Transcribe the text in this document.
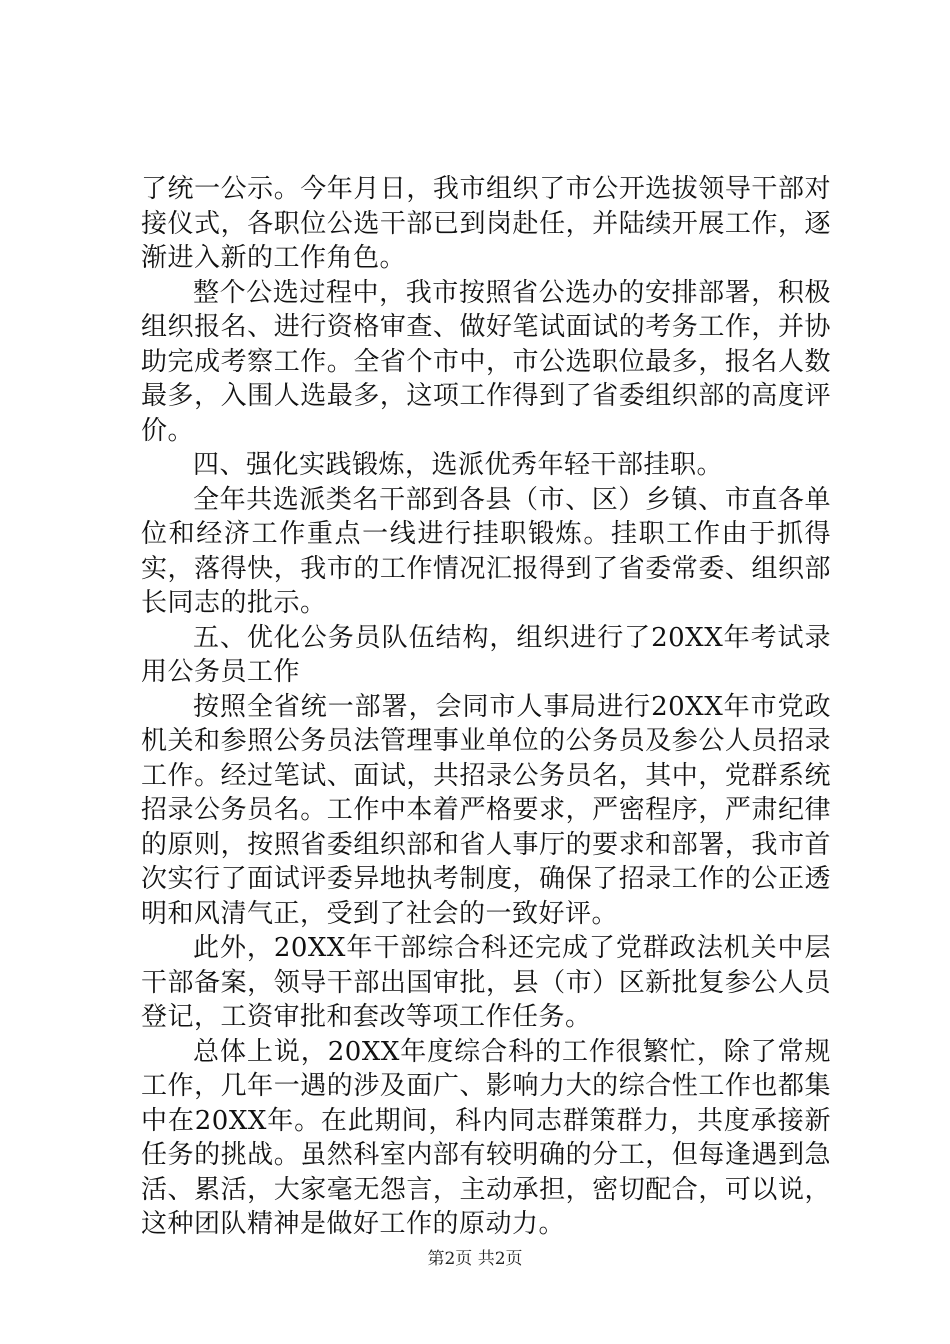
了统一公示。今年月日，我市组织了市公开选拔领导干部对接仪式，各职位公选干部已到岗赴任，并陆续开展工作，逐渐进入新的工作角色。

整个公选过程中，我市按照省公选办的安排部署，积极组织报名、进行资格审查、做好笔试面试的考务工作，并协助完成考察工作。全省个市中，市公选职位最多，报名人数最多，入围人选最多，这项工作得到了省委组织部的高度评价。

四、强化实践锻炼，选派优秀年轻干部挂职。

全年共选派类名干部到各县（市、区）乡镇、市直各单位和经济工作重点一线进行挂职锻炼。挂职工作由于抓得实，落得快，我市的工作情况汇报得到了省委常委、组织部长同志的批示。

五、优化公务员队伍结构，组织进行了20XX年考试录用公务员工作

按照全省统一部署，会同市人事局进行20XX年市党政机关和参照公务员法管理事业单位的公务员及参公人员招录工作。经过笔试、面试，共招录公务员名，其中，党群系统招录公务员名。工作中本着严格要求，严密程序，严肃纪律的原则，按照省委组织部和省人事厅的要求和部署，我市首次实行了面试评委异地执考制度，确保了招录工作的公正透明和风清气正，受到了社会的一致好评。

此外，20XX年干部综合科还完成了党群政法机关中层干部备案，领导干部出国审批，县（市）区新批复参公人员登记，工资审批和套改等项工作任务。

总体上说，20XX年度综合科的工作很繁忙，除了常规工作，几年一遇的涉及面广、影响力大的综合性工作也都集中在20XX年。在此期间，科内同志群策群力，共度承接新任务的挑战。虽然科室内部有较明确的分工，但每逢遇到急活、累活，大家毫无怨言，主动承担，密切配合，可以说，这种团队精神是做好工作的原动力。

第2页 共2页
